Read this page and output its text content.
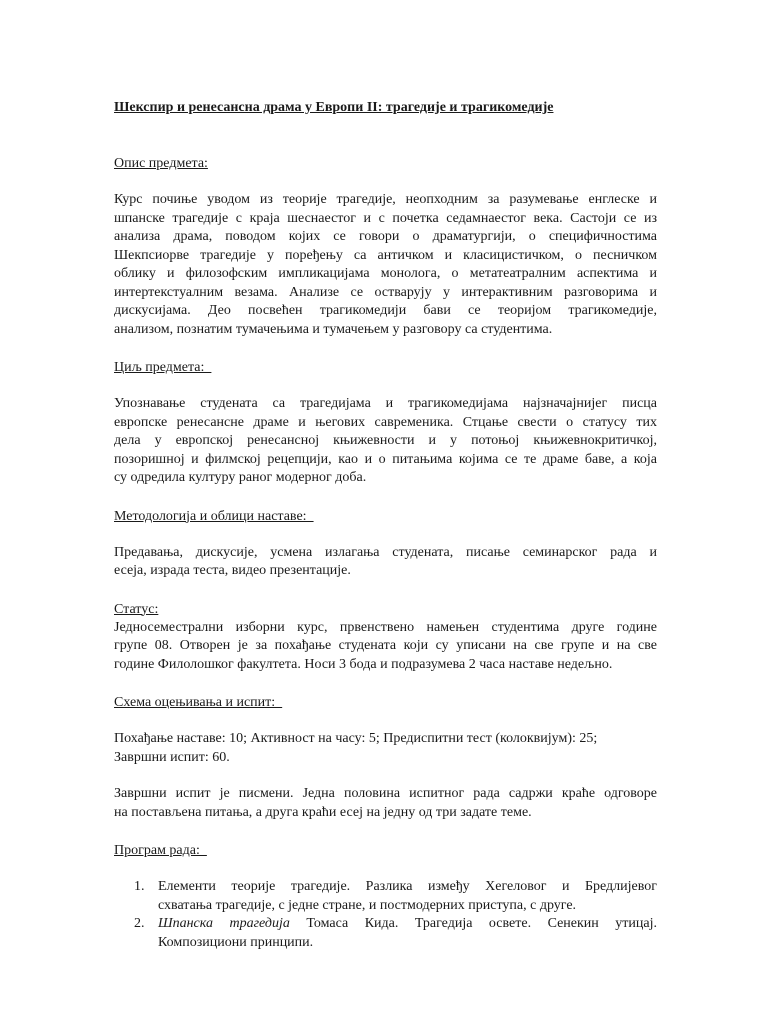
Шекспир и ренесансна драма у Европи II: трагедије и трагикомедије
Опис предмета:
Курс почиње уводом из теорије трагедије, неопходним за разумевање енглеске и
шпанске трагедије с краја шеснаестог и с почетка седамнаестог века. Састоји се из
анализа драма, поводом којих се говори о драматургији, о специфичностима
Шекпсиорве трагедије у поређењу са античком и класицистичком, о песничком
облику и филозофским импликацијама монолога, о метатеатралним аспектима и
интертекстуалним везама. Анализе се остварују у интерактивним разговорима и
дискусијама. Део посвећен трагикомедији бави се теоријом трагикомедије,
анализом, познатим тумачењима и тумачењем у разговору са студентима.
Циљ предмета:
Упознавање студената са трагедијама и трагикомедијама најзначајнијег писца
европске ренесансне драме и његових савременика. Стцање свести о статусу тих
дела у европској ренесансној књижевности и у потоњој књижевнокритичкој,
позоришној и филмској рецепцији, као и о питањима којима се те драме баве, а која
су одредила културу раног модерног доба.
Методологија и облици наставе:
Предавања, дискусије, усмена излагања студената, писање семинарског рада и
есеја, израда теста, видео презентације.
Статус:
Једносеместрални изборни курс, првенствено намењен студентима друге године
групе 08. Отворен је за похађање студената који су уписани на све групе и на све
године Филолошког факултета. Носи 3 бода и подразумева 2 часа наставе недељно.
Схема оцењивања и испит:
Похађање наставе: 10; Активност на часу: 5; Предиспитни тест (колоквијум): 25;
Завршни испит: 60.
Завршни испит је писмени. Једна половина испитног рада садржи краће одговоре
на постављена питања, а друга краћи есеј на једну од три задате теме.
Програм рада:
1. Елементи теорије трагедије. Разлика између Хегеловог и Бредлијевог
схватања трагедије, с једне стране, и постмодерних приступа, с друге.
2. Шпанска трагедија Томаса Кида. Трагедија освете. Сенекин утицај.
Композициони принципи.
